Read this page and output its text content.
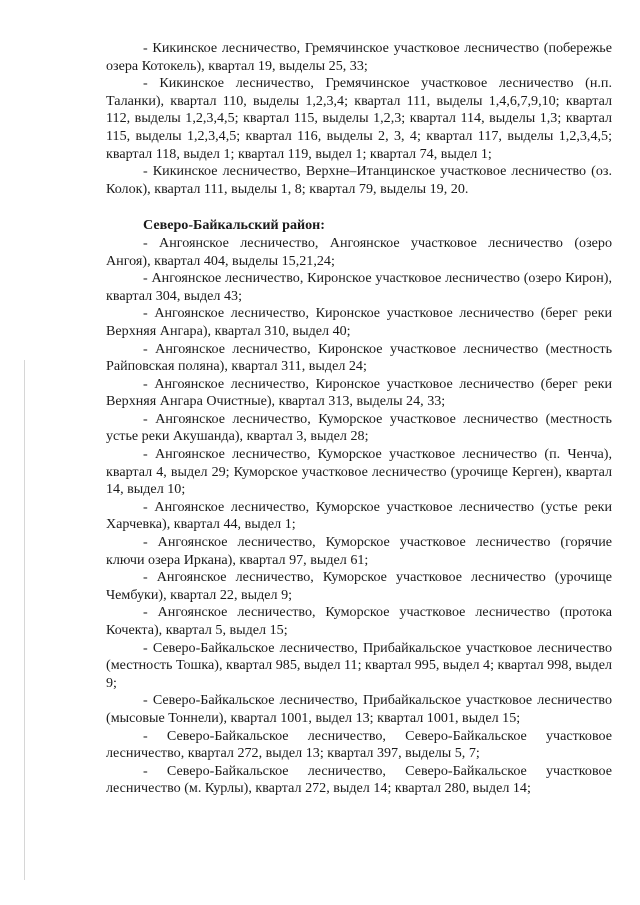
- Кикинское лесничество, Гремячинское участковое лесничество (побережье озера Котокель), квартал 19, выделы 25, 33;

- Кикинское лесничество, Гремячинское участковое лесничество (н.п. Таланки), квартал 110, выделы 1,2,3,4; квартал 111, выделы 1,4,6,7,9,10; квартал 112, выделы 1,2,3,4,5; квартал 115, выделы 1,2,3; квартал 114, выделы 1,3; квартал 115, выделы 1,2,3,4,5; квартал 116, выделы 2, 3, 4; квартал 117, выделы 1,2,3,4,5; квартал 118, выдел 1; квартал 119, выдел 1; квартал 74, выдел 1;

- Кикинское лесничество, Верхне–Итанцинское участковое лесничество (оз. Колок), квартал 111, выделы 1, 8; квартал 79, выделы 19, 20.

Северо-Байкальский район:

- Ангоянское лесничество, Ангоянское участковое лесничество (озеро Ангоя), квартал 404, выделы 15,21,24;

- Ангоянское лесничество, Киронское участковое лесничество (озеро Кирон), квартал 304, выдел 43;

- Ангоянское лесничество, Киронское участковое лесничество (берег реки Верхняя Ангара), квартал 310, выдел 40;

- Ангоянское лесничество, Киронское участковое лесничество (местность Райповская поляна), квартал 311, выдел 24;

- Ангоянское лесничество, Киронское участковое лесничество (берег реки Верхняя Ангара Очистные), квартал 313, выделы 24, 33;

- Ангоянское лесничество, Куморское участковое лесничество (местность устье реки Акушанда), квартал 3, выдел 28;

- Ангоянское лесничество, Куморское участковое лесничество (п. Ченча), квартал 4, выдел 29; Куморское участковое лесничество (урочище Керген), квартал 14, выдел 10;

- Ангоянское лесничество, Куморское участковое лесничество (устье реки Харчевка), квартал 44, выдел 1;

- Ангоянское лесничество, Куморское участковое лесничество (горячие ключи озера Иркана), квартал 97, выдел 61;

- Ангоянское лесничество, Куморское участковое лесничество (урочище Чембуки), квартал 22, выдел 9;

- Ангоянское лесничество, Куморское участковое лесничество (протока Кочекта), квартал 5, выдел 15;

- Северо-Байкальское лесничество, Прибайкальское участковое лесничество (местность Тошка), квартал 985, выдел 11; квартал 995, выдел 4; квартал 998, выдел 9;

- Северо-Байкальское лесничество, Прибайкальское участковое лесничество (мысовые Тоннели), квартал 1001, выдел 13; квартал 1001, выдел 15;

- Северо-Байкальское лесничество, Северо-Байкальское участковое лесничество, квартал 272, выдел 13; квартал 397, выделы 5, 7;

- Северо-Байкальское лесничество, Северо-Байкальское участковое лесничество (м. Курлы), квартал 272, выдел 14; квартал 280, выдел 14;
